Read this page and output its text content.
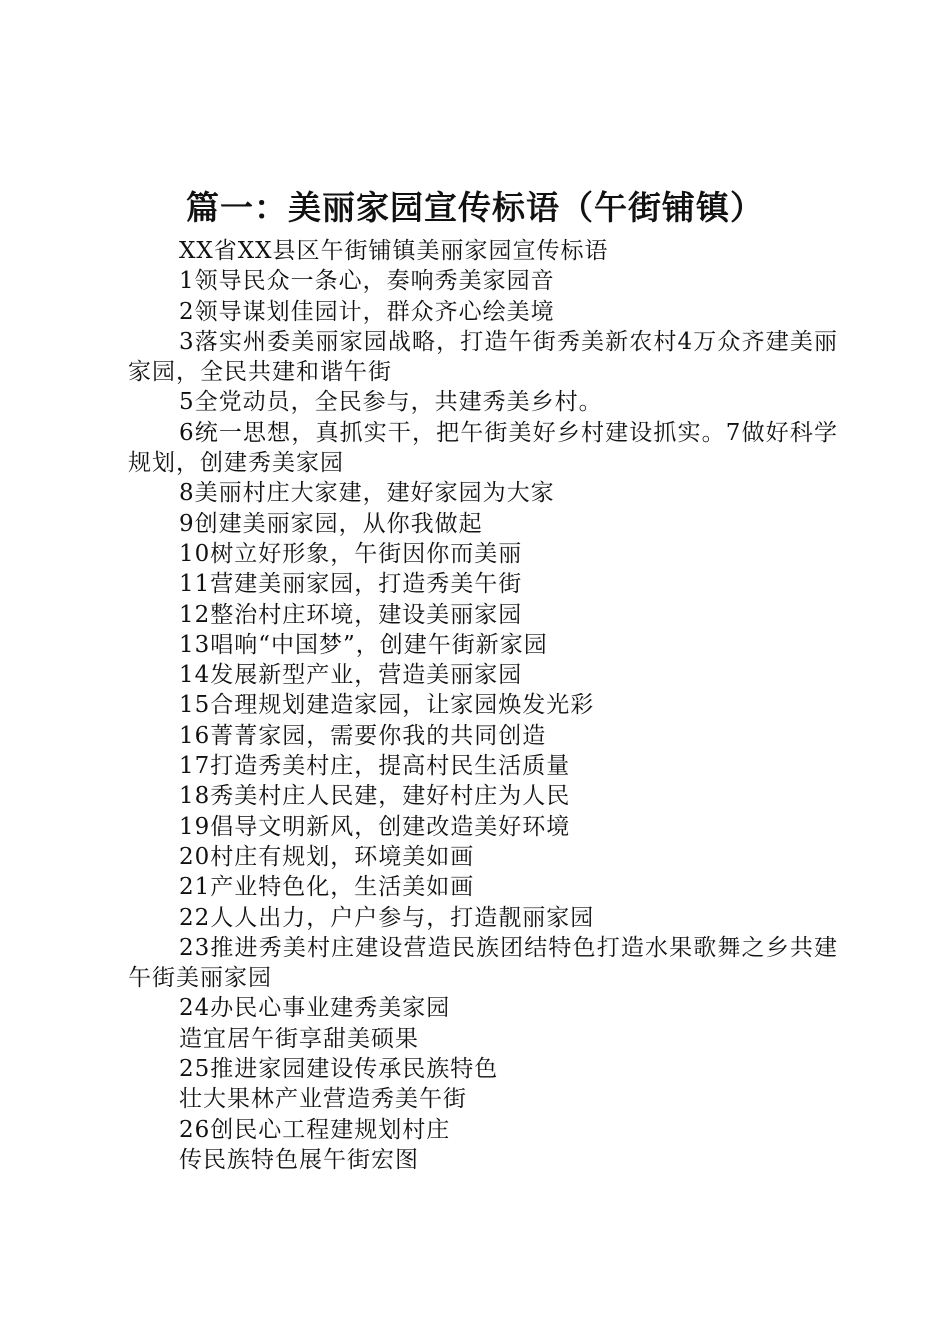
篇一：美丽家园宣传标语（午街铺镇）

XX省XX县区午街铺镇美丽家园宣传标语

1领导民众一条心，奏响秀美家园音

2领导谋划佳园计，群众齐心绘美境

3落实州委美丽家园战略，打造午街秀美新农村4万众齐建美丽家园，全民共建和谐午街

5全党动员，全民参与，共建秀美乡村。

6统一思想，真抓实干，把午街美好乡村建设抓实。7做好科学规划，创建秀美家园

8美丽村庄大家建，建好家园为大家

9创建美丽家园，从你我做起

10树立好形象，午街因你而美丽

11营建美丽家园，打造秀美午街

12整治村庄环境，建设美丽家园

13唱响“中国梦”，创建午街新家园

14发展新型产业，营造美丽家园

15合理规划建造家园，让家园焕发光彩

16菁菁家园，需要你我的共同创造

17打造秀美村庄，提高村民生活质量

18秀美村庄人民建，建好村庄为人民

19倡导文明新风，创建改造美好环境

20村庄有规划，环境美如画

21产业特色化，生活美如画

22人人出力，户户参与，打造靓丽家园

23推进秀美村庄建设营造民族团结特色打造水果歌舞之乡共建午街美丽家园

24办民心事业建秀美家园

造宜居午街享甜美硕果

25推进家园建设传承民族特色

壮大果林产业营造秀美午街

26创民心工程建规划村庄

传民族特色展午街宏图
